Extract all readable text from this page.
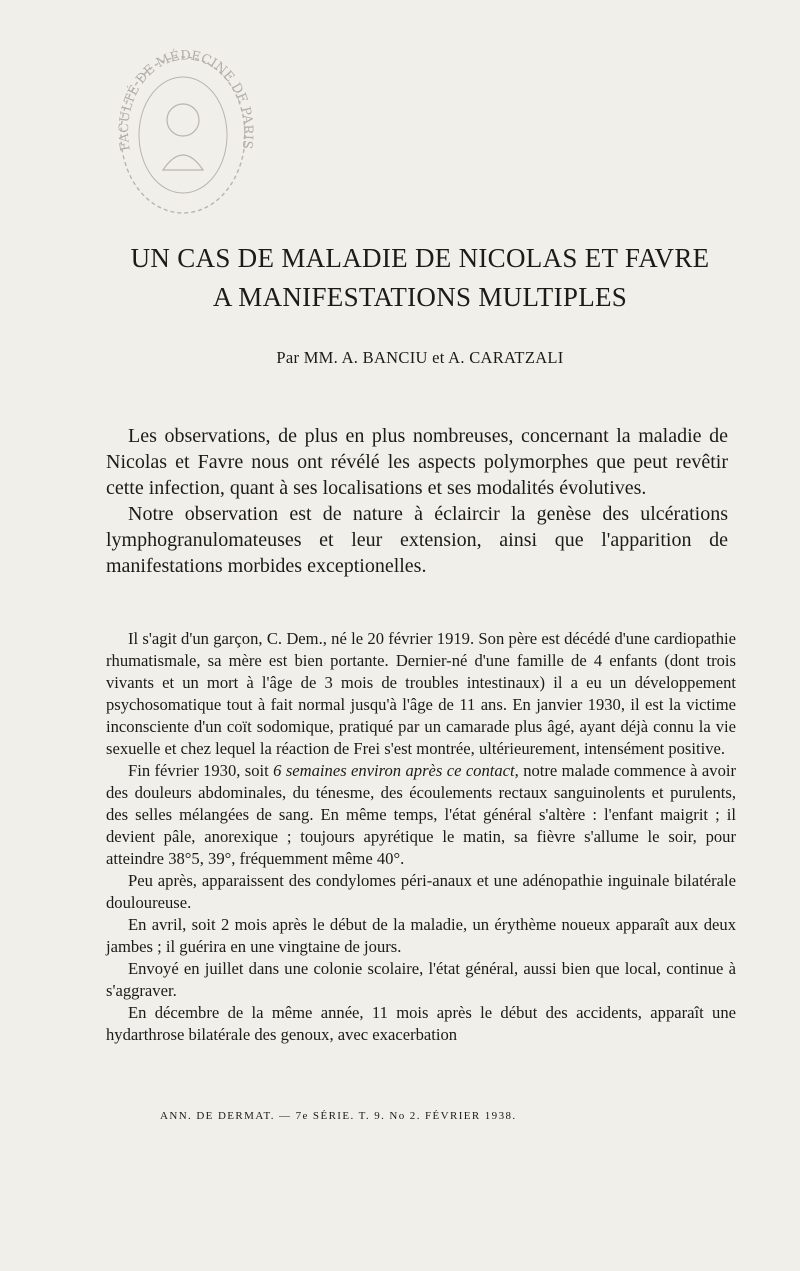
FACULTÉ DE MÉDECINE DE PARIS
UN CAS DE MALADIE DE NICOLAS ET FAVRE
A MANIFESTATIONS MULTIPLES
Par MM. A. BANCIU et A. CARATZALI

Les observations, de plus en plus nombreuses, concernant la maladie de Nicolas et Favre nous ont révélé les aspects polymorphes que peut revêtir cette infection, quant à ses localisations et ses modalités évolutives.

Notre observation est de nature à éclaircir la genèse des ulcérations lymphogranulomateuses et leur extension, ainsi que l'apparition de manifestations morbides exceptionelles.

Il s'agit d'un garçon, C. Dem., né le 20 février 1919. Son père est décédé d'une cardiopathie rhumatismale, sa mère est bien portante. Dernier-né d'une famille de 4 enfants (dont trois vivants et un mort à l'âge de 3 mois de troubles intestinaux) il a eu un développement psychosomatique tout à fait normal jusqu'à l'âge de 11 ans. En janvier 1930, il est la victime inconsciente d'un coït sodomique, pratiqué par un camarade plus âgé, ayant déjà connu la vie sexuelle et chez lequel la réaction de Frei s'est montrée, ultérieurement, intensément positive.

Fin février 1930, soit 6 semaines environ après ce contact, notre malade commence à avoir des douleurs abdominales, du ténesme, des écoulements rectaux sanguinolents et purulents, des selles mélangées de sang. En même temps, l'état général s'altère : l'enfant maigrit ; il devient pâle, anorexique ; toujours apyrétique le matin, sa fièvre s'allume le soir, pour atteindre 38°5, 39°, fréquemment même 40°.

Peu après, apparaissent des condylomes péri-anaux et une adénopathie inguinale bilatérale douloureuse.

En avril, soit 2 mois après le début de la maladie, un érythème noueux apparaît aux deux jambes ; il guérira en une vingtaine de jours.

Envoyé en juillet dans une colonie scolaire, l'état général, aussi bien que local, continue à s'aggraver.

En décembre de la même année, 11 mois après le début des accidents, apparaît une hydarthrose bilatérale des genoux, avec exacerbation

ANN. DE DERMAT. — 7e SÉRIE. T. 9. No 2. FÉVRIER 1938.
